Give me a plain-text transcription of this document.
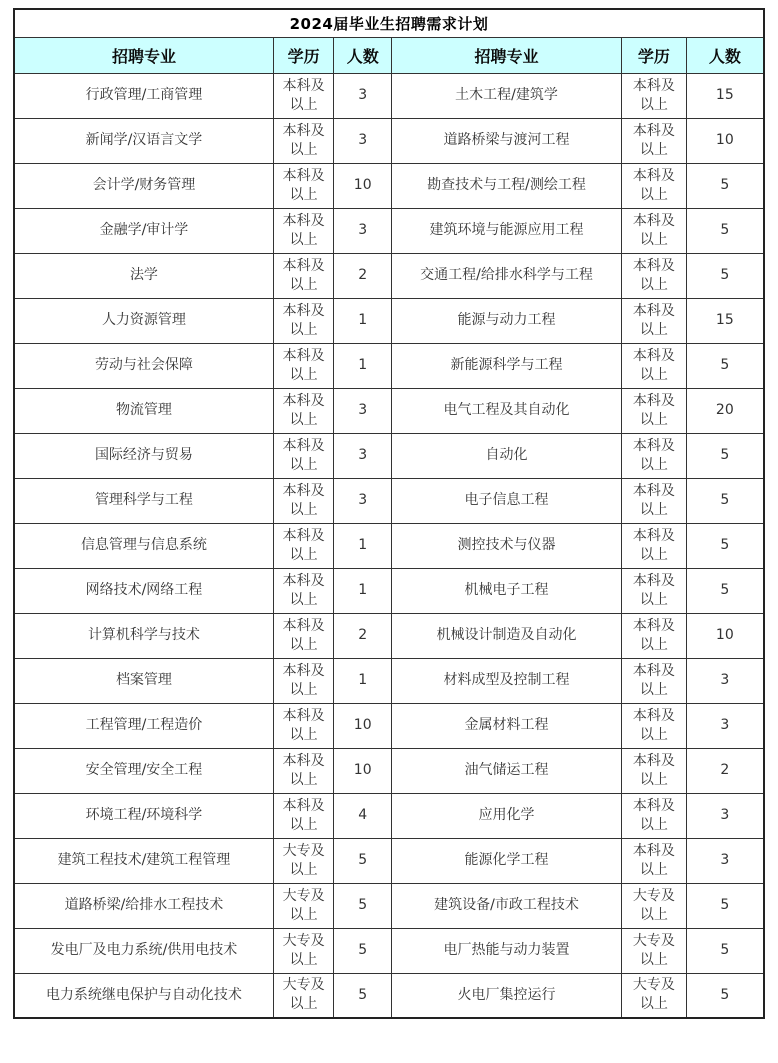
2024届毕业生招聘需求计划					
招聘专业	学历	人数	招聘专业	学历	人数
行政管理/工商管理	本科及以上	3	土木工程/建筑学	本科及以上	15
新闻学/汉语言文学	本科及以上	3	道路桥梁与渡河工程	本科及以上	10
会计学/财务管理	本科及以上	10	勘查技术与工程/测绘工程	本科及以上	5
金融学/审计学	本科及以上	3	建筑环境与能源应用工程	本科及以上	5
法学	本科及以上	2	交通工程/给排水科学与工程	本科及以上	5
人力资源管理	本科及以上	1	能源与动力工程	本科及以上	15
劳动与社会保障	本科及以上	1	新能源科学与工程	本科及以上	5
物流管理	本科及以上	3	电气工程及其自动化	本科及以上	20
国际经济与贸易	本科及以上	3	自动化	本科及以上	5
管理科学与工程	本科及以上	3	电子信息工程	本科及以上	5
信息管理与信息系统	本科及以上	1	测控技术与仪器	本科及以上	5
网络技术/网络工程	本科及以上	1	机械电子工程	本科及以上	5
计算机科学与技术	本科及以上	2	机械设计制造及自动化	本科及以上	10
档案管理	本科及以上	1	材料成型及控制工程	本科及以上	3
工程管理/工程造价	本科及以上	10	金属材料工程	本科及以上	3
安全管理/安全工程	本科及以上	10	油气储运工程	本科及以上	2
环境工程/环境科学	本科及以上	4	应用化学	本科及以上	3
建筑工程技术/建筑工程管理	大专及以上	5	能源化学工程	本科及以上	3
道路桥梁/给排水工程技术	大专及以上	5	建筑设备/市政工程技术	大专及以上	5
发电厂及电力系统/供用电技术	大专及以上	5	电厂热能与动力装置	大专及以上	5
电力系统继电保护与自动化技术	大专及以上	5	火电厂集控运行	大专及以上	5
